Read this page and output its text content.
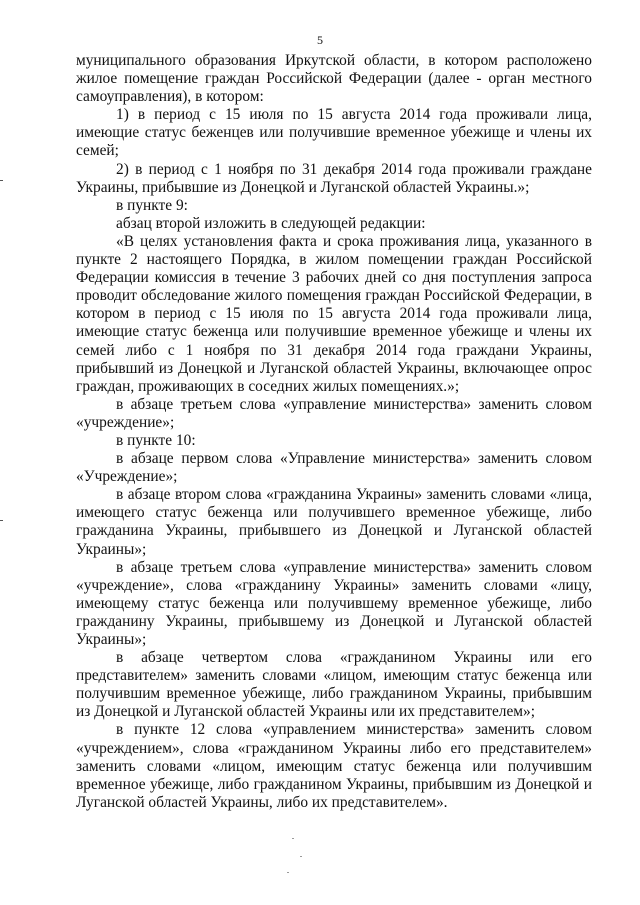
5

муниципального образования Иркутской области, в котором расположено жилое помещение граждан Российской Федерации (далее - орган местного самоуправления), в котором:

1) в период с 15 июля по 15 августа 2014 года проживали лица, имеющие статус беженцев или получившие временное убежище и члены их семей;

2) в период с 1 ноября по 31 декабря 2014 года проживали граждане Украины, прибывшие из Донецкой и Луганской областей Украины.»;

в пункте 9:

абзац второй изложить в следующей редакции:

«В целях установления факта и срока проживания лица, указанного в пункте 2 настоящего Порядка, в жилом помещении граждан Российской Федерации комиссия в течение 3 рабочих дней со дня поступления запроса проводит обследование жилого помещения граждан Российской Федерации, в котором в период с 15 июля по 15 августа 2014 года проживали лица, имеющие статус беженца или получившие временное убежище и члены их семей либо с 1 ноября по 31 декабря 2014 года граждани Украины, прибывший из Донецкой и Луганской областей Украины, включающее опрос граждан, проживающих в соседних жилых помещениях.»;

в абзаце третьем слова «управление министерства» заменить словом «учреждение»;

в пункте 10:

в абзаце первом слова «Управление министерства» заменить словом «Учреждение»;

в абзаце втором слова «гражданина Украины» заменить словами «лица, имеющего статус беженца или получившего временное убежище, либо гражданина Украины, прибывшего из Донецкой и Луганской областей Украины»;

в абзаце третьем слова «управление министерства» заменить словом «учреждение», слова «гражданину Украины» заменить словами «лицу, имеющему статус беженца или получившему временное убежище, либо гражданину Украины, прибывшему из Донецкой и Луганской областей Украины»;

в абзаце четвертом слова «гражданином Украины или его представителем» заменить словами «лицом, имеющим статус беженца или получившим временное убежище, либо гражданином Украины, прибывшим из Донецкой и Луганской областей Украины или их представителем»;

в пункте 12 слова «управлением министерства» заменить словом «учреждением», слова «гражданином Украины либо его представителем» заменить словами «лицом, имеющим статус беженца или получившим временное убежище, либо гражданином Украины, прибывшим из Донецкой и Луганской областей Украины, либо их представителем».
